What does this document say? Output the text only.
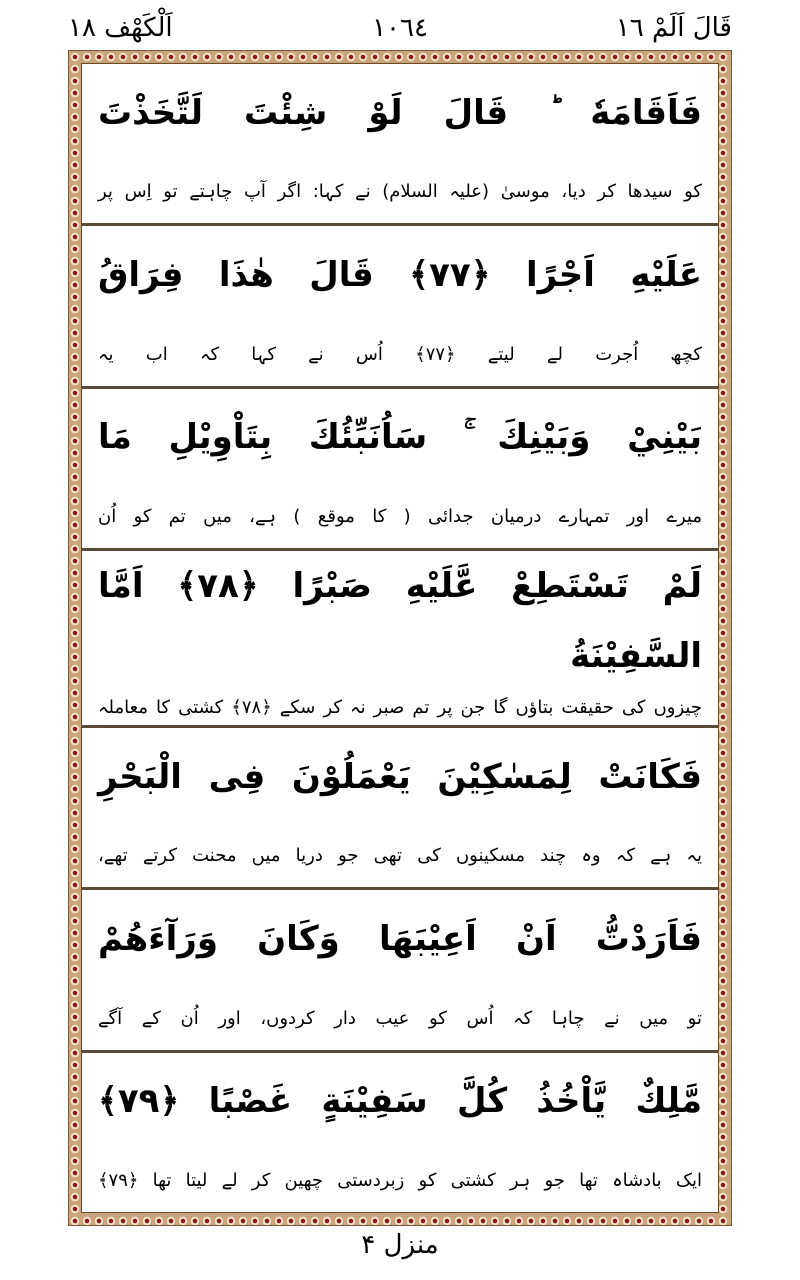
قَالَ اَلَمْ ١٦
١٠٦٤
اَلْكَهْف ١٨
فَاَقَامَهٗ ؕ قَالَ لَوْ شِئْتَ لَتَّخَذْتَ
کو سیدھا کر دیا، موسیٰ (علیہ السلام) نے کہا: اگر آپ چاہتے تو اِس پر
عَلَيْهِ اَجْرًا ﴿۷۷﴾ قَالَ هٰذَا فِرَاقُ
کچھ اُجرت لے لیتے ﴿۷۷﴾ اُس نے کہا کہ اب یہ
بَيْنِيْ وَبَيْنِكَ ۚ سَاُنَبِّئُكَ بِتَاْوِيْلِ مَا
میرے اور تمہارے درمیان جدائی ( کا موقع ) ہے، میں تم کو اُن
لَمْ تَسْتَطِعْ عَّلَيْهِ صَبْرًا ﴿۷۸﴾ اَمَّا السَّفِيْنَةُ
چیزوں کی حقیقت بتاؤں گا جن پر تم صبر نہ کر سکے ﴿۷۸﴾ کشتی کا معاملہ
فَكَانَتْ لِمَسٰكِيْنَ يَعْمَلُوْنَ فِى الْبَحْرِ
یہ ہے کہ وہ چند مسکینوں کی تھی جو دریا میں محنت کرتے تھے،
فَاَرَدْتُّ اَنْ اَعِيْبَهَا وَكَانَ وَرَآءَهُمْ
تو میں نے چاہا کہ اُس کو عیب دار کردوں، اور اُن کے آگے
مَّلِكٌ يَّاْخُذُ كُلَّ سَفِيْنَةٍ غَصْبًا ﴿۷۹﴾
ایک بادشاہ تھا جو ہر کشتی کو زبردستی چھین کر لے لیتا تھا ﴿۷۹﴾
منزل ۴
